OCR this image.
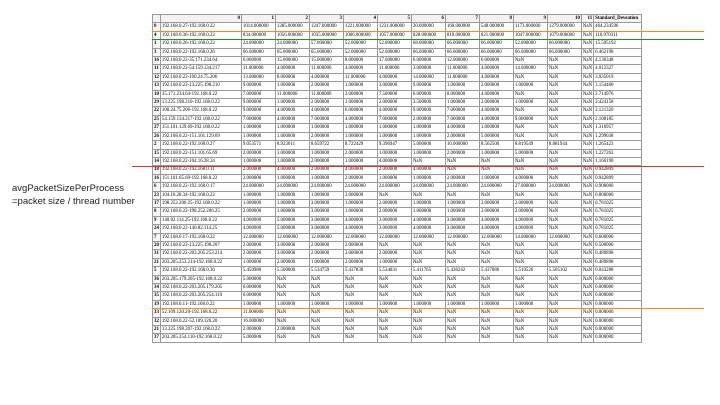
	0	1	2	3	4	5	6	7	8	9	10	11	Standard_Deveation
0	192.168.0.27-192.168.0.22	1014.000000	1285.000000	1247.000000	1221.000000	1231.000000	20.000000	160.000000	548.000000	1173.000000	1279.000000	NaN	464.234596
4	192.168.0.36-192.168.0.22	834.000000	1056.000000	1035.000000	1006.000000	1057.000000	828.000000	810.000000	821.000000	1047.000000	1079.000000	NaN	110.970311
1	192.168.0.26-192.168.0.22	24.000000	24.000000	57.000000	52.000000	52.000000	68.000000	66.000000	66.000000	52.000000	66.000000	NaN	15.595192
3	192.168.0.22-192.168.0.26	66.000000	65.000000	65.000000	52.000000	52.000000	66.000000	66.000000	66.000000	66.000000	66.000000	NaN	6.462198
16	192.168.0.22-35.171.234.64	6.000000	15.000000	15.000000	8.000000	17.000000	6.000000	12.000000	6.000000	NaN	NaN	NaN	4.136348
11	192.168.0.22-54.159.134.217	11.000000	4.000000	11.000000	4.000000	11.000000	3.000000	11.000000	4.000000	14.000000	NaN	NaN	4.012327
12	192.168.0.22-100.24.75.206	13.000000	8.000000	4.000000	11.000000	4.000000	14.000000	11.000000	4.000000	NaN	NaN	NaN	3.935019
13	192.168.0.22-13.225.198.210	9.000000	1.000000	2.000000	1.000000	3.000000	9.000000	1.000000	2.000000	1.000000	NaN	NaN	3.154460
10	35.171.234.64-192.168.0.22	7.000000	11.000000	11.000000	3.000000	7.500000	6.000000	8.000000	4.000000	NaN	NaN	NaN	2.714976
29	13.225.198.210-192.168.0.22	9.000000	1.000000	2.000000	1.000000	2.000000	3.500000	1.000000	2.000000	1.000000	NaN	NaN	2.424158
22	100.24.75.206-192.168.0.22	9.000000	4.000000	4.000000	6.000000	4.000000	9.000000	7.000000	4.000000	NaN	NaN	NaN	2.121320
25	54.159.134.217-192.168.0.22	7.000000	4.000000	7.000000	4.000000	7.000000	2.000000	7.000000	4.000000	9.000000	NaN	NaN	2.108185
27	151.101.129.69-192.168.0.22	1.000000	1.000000	1.000000	1.000000	1.000000	1.000000	4.000000	1.000000	NaN	NaN	NaN	1.316957
26	192.168.0.22-151.101.129.69	1.000000	1.000000	2.000000	1.000000	1.000000	1.000000	2.000000	5.000000	NaN	NaN	NaN	1.299038
2	192.168.0.22-192.168.0.27	9.053571	8.923611	8.659722	8.722429	9.396947	5.000000	10.000000	8.562500	8.819549	8.881944	NaN	1.265423
15	192.168.0.22-151.101.65.69	2.000000	1.000000	1.000000	2.000000	1.000000	1.000000	2.000000	1.000000	5.000000	NaN	NaN	1.227262
14	192.168.0.22-104.16.28.34	1.000000	1.000000	2.000000	1.000000	4.000000	NaN	NaN	NaN	NaN	NaN	NaN	1.166190
18	192.168.0.22-192.168.0.11	2.000000	4.000000	2.000000	4.000000	2.000000	4.000000	NaN	NaN	NaN	NaN	NaN	0.942809
16	151.101.65.69-192.168.0.22	2.000000	1.000000	1.000000	2.000000	1.000000	1.000000	2.000000	1.000000	4.000000	NaN	NaN	0.942809
6	192.168.0.22-192.168.0.17	24.000000	24.000000	24.000000	24.000000	24.000000	24.000000	24.000000	24.000000	27.000000	24.000000	NaN	0.900000
23	104.16.28.34-192.168.0.22	1.000000	1.000000	1.000000	3.000000	NaN	NaN	NaN	NaN	NaN	NaN	NaN	0.800000
17	198.252.206.25-192.168.0.22	1.000000	1.000000	3.000000	1.000000	2.000000	1.000000	1.000000	3.000000	2.000000	NaN	NaN	0.781025
8	192.168.0.22-198.252.206.25	2.000000	1.000000	3.000000	1.000000	2.000000	1.000000	1.000000	3.000000	2.000000	NaN	NaN	0.781025
9	140.82.114.25-192.168.0.22	4.000000	5.000000	3.000000	4.000000	3.000000	4.000000	3.000000	4.000000	4.000000	NaN	NaN	0.781025
24	192.168.0.22-140.82.114.25	4.000000	5.000000	3.000000	4.000000	3.000000	4.000000	3.000000	4.000000	4.000000	NaN	NaN	0.781025
7	192.168.0.17-192.168.0.22	12.000000	12.000000	12.000000	12.000000	12.000000	12.000000	12.000000	12.000000	14.000000	12.000000	NaN	0.600000
20	192.168.0.22-13.225.198.207	2.000000	3.000000	2.000000	2.000000	NaN	NaN	NaN	NaN	NaN	NaN	NaN	0.500000
31	192.168.0.22-203.205.253.214	2.000000	3.000000	2.000000	3.000000	2.000000	NaN	NaN	NaN	NaN	NaN	NaN	0.489898
21	203.205.253.214-192.168.0.22	1.000000	2.000000	1.000000	2.000000	1.000000	NaN	NaN	NaN	NaN	NaN	NaN	0.489898
5	192.168.0.22-192.168.0.36	5.450980	5.500000	5.534759	5.437838	5.534031	5.411765	5.436242	5.437086	5.510526	5.505102	NaN	0.043288
36	203.205.179.205-192.168.0.22	5.000000	NaN	NaN	NaN	NaN	NaN	NaN	NaN	NaN	NaN	NaN	0.000000
34	192.168.0.22-203.205.179.205	6.000000	NaN	NaN	NaN	NaN	NaN	NaN	NaN	NaN	NaN	NaN	0.000000
35	192.168.0.22-203.205.254.110	6.000000	NaN	NaN	NaN	NaN	NaN	NaN	NaN	NaN	NaN	NaN	0.000000
19	192.168.0.11-192.168.0.22	1.000000	1.000000	1.000000	1.000000	1.000000	1.000000	1.000000	1.000000	1.000000	NaN	NaN	0.000000
33	52.109.120.20-192.168.0.22	11.000000	NaN	NaN	NaN	NaN	NaN	NaN	NaN	NaN	NaN	NaN	0.000000
32	192.168.0.22-52.109.120.20	16.000000	NaN	NaN	NaN	NaN	NaN	NaN	NaN	NaN	NaN	NaN	0.000000
21	13.225.198.207-192.168.0.22	2.000000	2.000000	NaN	NaN	NaN	NaN	NaN	NaN	NaN	NaN	NaN	0.000000
37	203.205.254.110-192.168.0.22	5.000000	NaN	NaN	NaN	NaN	NaN	NaN	NaN	NaN	NaN	NaN	0.000000
avgPacketSizePerProcess
=packet size / thread number
